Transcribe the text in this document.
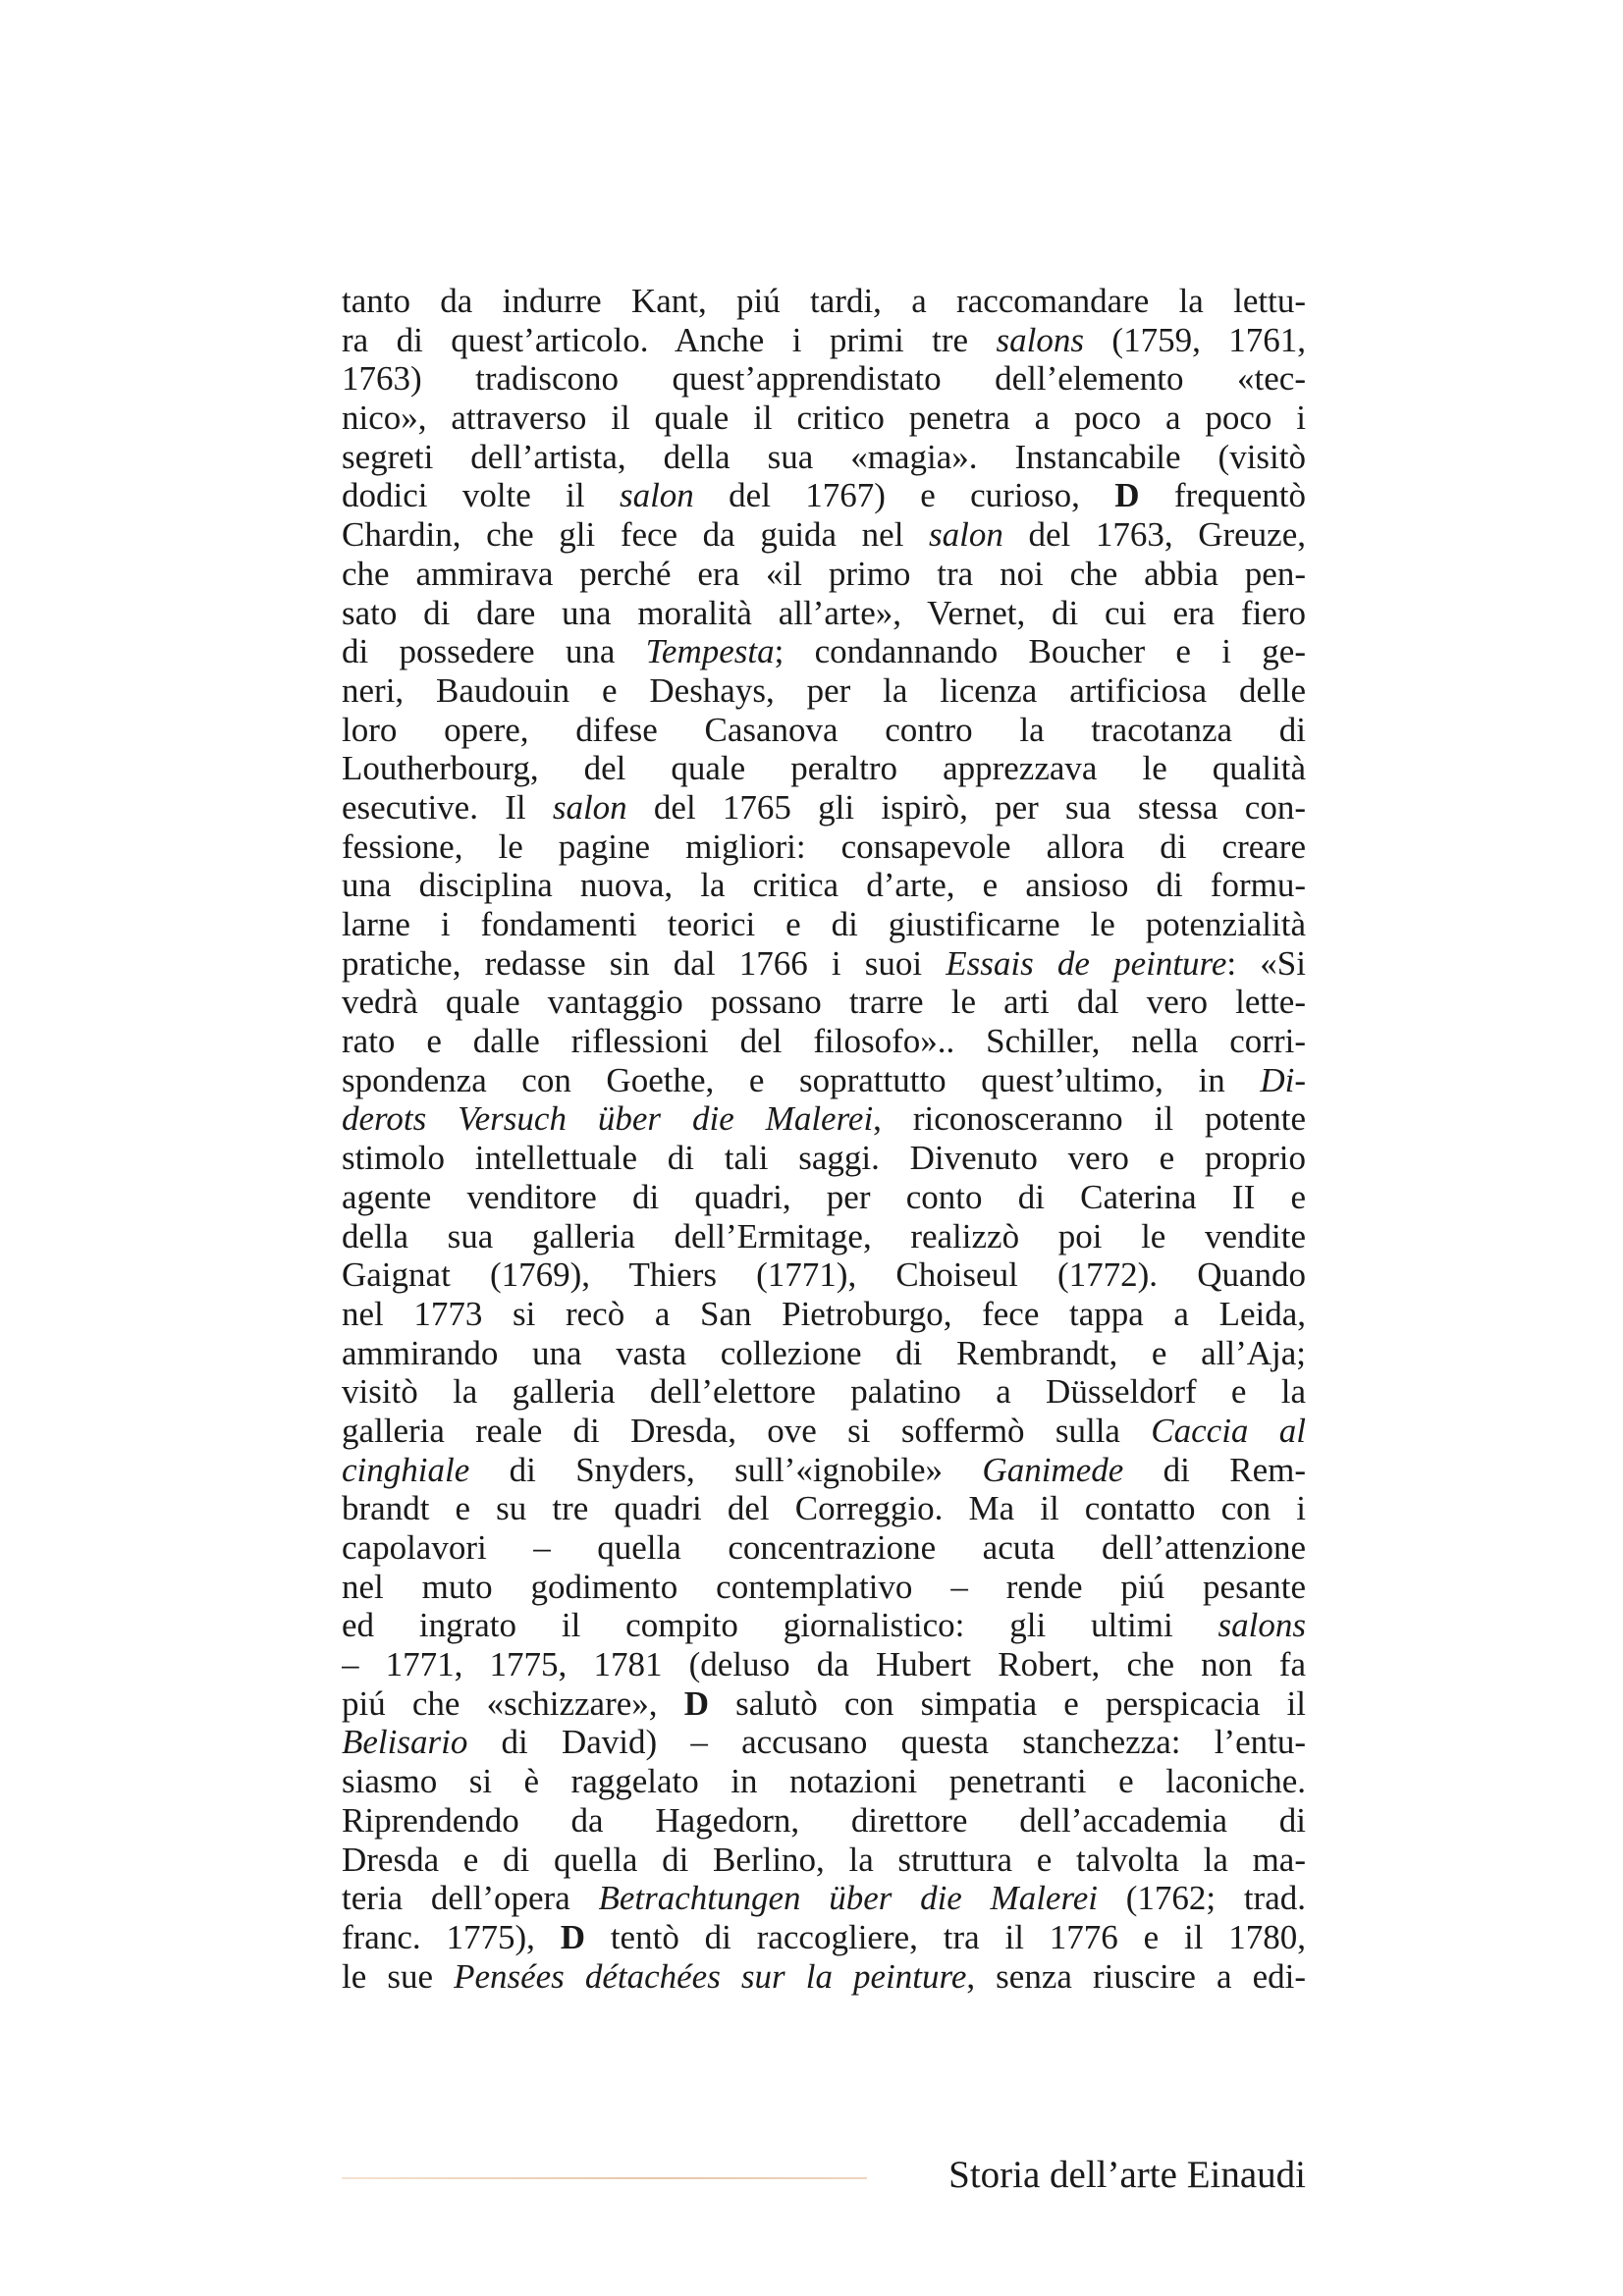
tanto da indurre Kant, piú tardi, a raccomandare la lettu-
ra di quest’articolo. Anche i primi tre salons (1759, 1761,
1763) tradiscono quest’apprendistato dell’elemento «tec-
nico», attraverso il quale il critico penetra a poco a poco i
segreti dell’artista, della sua «magia». Instancabile (visitò
dodici volte il salon del 1767) e curioso, D frequentò
Chardin, che gli fece da guida nel salon del 1763, Greuze,
che ammirava perché era «il primo tra noi che abbia pen-
sato di dare una moralità all’arte», Vernet, di cui era fiero
di possedere una Tempesta; condannando Boucher e i ge-
neri, Baudouin e Deshays, per la licenza artificiosa delle
loro opere, difese Casanova contro la tracotanza di
Loutherbourg, del quale peraltro apprezzava le qualità
esecutive. Il salon del 1765 gli ispirò, per sua stessa con-
fessione, le pagine migliori: consapevole allora di creare
una disciplina nuova, la critica d’arte, e ansioso di formu-
larne i fondamenti teorici e di giustificarne le potenzialità
pratiche, redasse sin dal 1766 i suoi Essais de peinture: «Si
vedrà quale vantaggio possano trarre le arti dal vero lette-
rato e dalle riflessioni del filosofo».. Schiller, nella corri-
spondenza con Goethe, e soprattutto quest’ultimo, in Di-
derots Versuch über die Malerei, riconosceranno il potente
stimolo intellettuale di tali saggi. Divenuto vero e proprio
agente venditore di quadri, per conto di Caterina II e
della sua galleria dell’Ermitage, realizzò poi le vendite
Gaignat (1769), Thiers (1771), Choiseul (1772). Quando
nel 1773 si recò a San Pietroburgo, fece tappa a Leida,
ammirando una vasta collezione di Rembrandt, e all’Aja;
visitò la galleria dell’elettore palatino a Düsseldorf e la
galleria reale di Dresda, ove si soffermò sulla Caccia al
cinghiale di Snyders, sull’«ignobile» Ganimede di Rem-
brandt e su tre quadri del Correggio. Ma il contatto con i
capolavori – quella concentrazione acuta dell’attenzione
nel muto godimento contemplativo – rende piú pesante
ed ingrato il compito giornalistico: gli ultimi salons
– 1771, 1775, 1781 (deluso da Hubert Robert, che non fa
piú che «schizzare», D salutò con simpatia e perspicacia il
Belisario di David) – accusano questa stanchezza: l’entu-
siasmo si è raggelato in notazioni penetranti e laconiche.
Riprendendo da Hagedorn, direttore dell’accademia di
Dresda e di quella di Berlino, la struttura e talvolta la ma-
teria dell’opera Betrachtungen über die Malerei (1762; trad.
franc. 1775), D tentò di raccogliere, tra il 1776 e il 1780,
le sue Pensées détachées sur la peinture, senza riuscire a edi-
Storia dell’arte Einaudi
